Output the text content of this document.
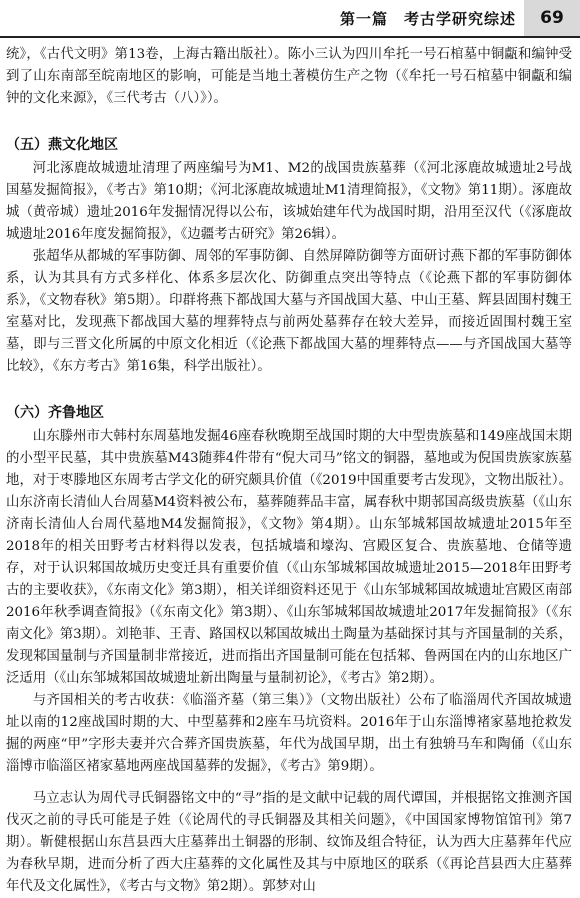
第一篇　考古学研究综述	69

统》，《古代文明》第13卷，上海古籍出版社）。陈小三认为四川牟托一号石棺墓中铜甗和编钟受到了山东南部至皖南地区的影响，可能是当地土著模仿生产之物（《牟托一号石棺墓中铜甗和编钟的文化来源》，《三代考古（八）》）。

（五）燕文化地区

河北涿鹿故城遗址清理了两座编号为M1、M2的战国贵族墓葬（《河北涿鹿故城遗址2号战国墓发掘简报》，《考古》第10期；《河北涿鹿故城遗址M1清理简报》，《文物》第11期）。涿鹿故城（黄帝城）遗址2016年发掘情况得以公布，该城始建年代为战国时期，沿用至汉代（《涿鹿故城遗址2016年度发掘简报》，《边疆考古研究》第26辑）。

张超华从都城的军事防御、周邻的军事防御、自然屏障防御等方面研讨燕下都的军事防御体系，认为其具有方式多样化、体系多层次化、防御重点突出等特点（《论燕下都的军事防御体系》，《文物春秋》第5期）。印群将燕下都战国大墓与齐国战国大墓、中山王墓、辉县固围村魏王室墓对比，发现燕下都战国大墓的埋葬特点与前两处墓葬存在较大差异，而接近固围村魏王室墓，即与三晋文化所属的中原文化相近（《论燕下都战国大墓的埋葬特点——与齐国战国大墓等比较》，《东方考古》第16集，科学出版社）。

（六）齐鲁地区

山东滕州市大韩村东周墓地发掘46座春秋晚期至战国时期的大中型贵族墓和149座战国末期的小型平民墓，其中贵族墓M43随葬4件带有“倪大司马”铭文的铜器，墓地或为倪国贵族家族墓地，对于枣滕地区东周考古学文化的研究颇具价值（《2019中国重要考古发现》，文物出版社）。山东济南长清仙人台周墓M4资料被公布，墓葬随葬品丰富，属春秋中期邿国高级贵族墓（《山东济南长清仙人台周代墓地M4发掘简报》，《文物》第4期）。山东邹城邾国故城遗址2015年至2018年的相关田野考古材料得以发表，包括城墙和壕沟、宫殿区复合、贵族墓地、仓储等遗存，对于认识邾国故城历史变迁具有重要价值（《山东邹城邾国故城遗址2015—2018年田野考古的主要收获》，《东南文化》第3期），相关详细资料还见于《山东邹城邾国故城遗址宫殿区南部2016年秋季调查简报》（《东南文化》第3期）、《山东邹城邾国故城遗址2017年发掘简报》（《东南文化》第3期）。刘艳菲、王青、路国权以邾国故城出土陶量为基础探讨其与齐国量制的关系，发现邾国量制与齐国量制非常接近，进而指出齐国量制可能在包括邾、鲁两国在内的山东地区广泛适用（《山东邹城邾国故城遗址新出陶量与量制初论》，《考古》第2期）。

与齐国相关的考古收获：《临淄齐墓（第三集）》（文物出版社）公布了临淄周代齐国故城遗址以南的12座战国时期的大、中型墓葬和2座车马坑资料。2016年于山东淄博褚家墓地抢救发掘的两座“甲”字形夫妻并穴合葬齐国贵族墓，年代为战国早期，出土有独辀马车和陶俑（《山东淄博市临淄区褚家墓地两座战国墓葬的发掘》，《考古》第9期）。

马立志认为周代寻氏铜器铭文中的“寻”指的是文献中记载的周代谭国，并根据铭文推测齐国伐灭之前的寻氏可能是子姓（《论周代的寻氏铜器及其相关问题》，《中国国家博物馆馆刊》第7期）。靳健根据山东莒县西大庄墓葬出土铜器的形制、纹饰及组合特征，认为西大庄墓葬年代应为春秋早期，进而分析了西大庄墓葬的文化属性及其与中原地区的联系（《再论莒县西大庄墓葬年代及文化属性》，《考古与文物》第2期）。郭梦对山
